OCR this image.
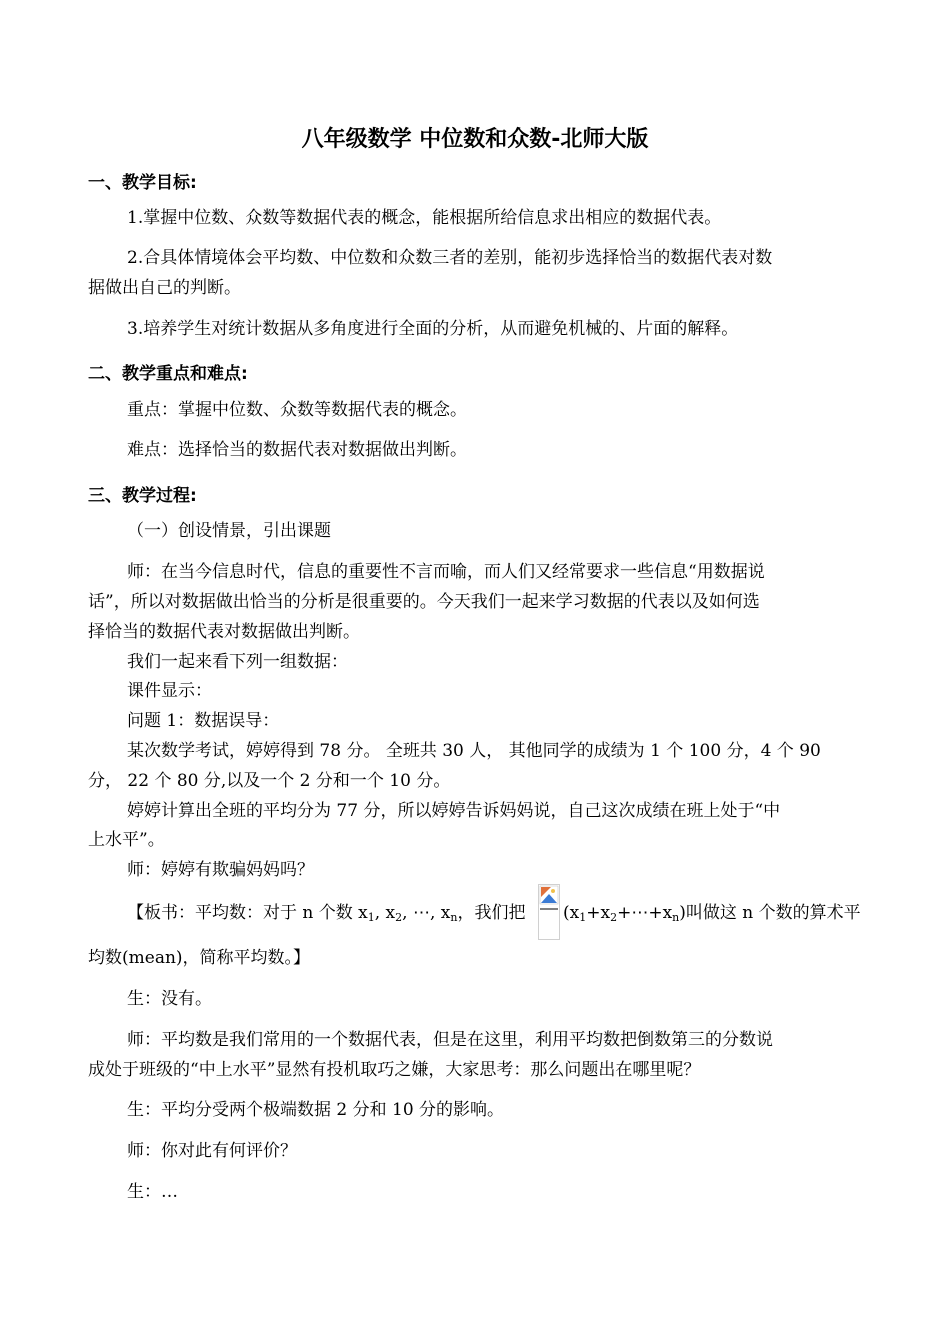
八年级数学 中位数和众数-北师大版
一、教学目标:
1.掌握中位数、众数等数据代表的概念，能根据所给信息求出相应的数据代表。
2.合具体情境体会平均数、中位数和众数三者的差别，能初步选择恰当的数据代表对数
据做出自己的判断。
3.培养学生对统计数据从多角度进行全面的分析，从而避免机械的、片面的解释。
二、教学重点和难点:
重点：掌握中位数、众数等数据代表的概念。
难点：选择恰当的数据代表对数据做出判断。
三、教学过程:
（一）创设情景，引出课题
师：在当今信息时代，信息的重要性不言而喻，而人们又经常要求一些信息“用数据说
话”，所以对数据做出恰当的分析是很重要的。今天我们一起来学习数据的代表以及如何选
择恰当的数据代表对数据做出判断。
我们一起来看下列一组数据：
课件显示：
问题 1：数据误导：
某次数学考试，婷婷得到 78 分。 全班共 30 人， 其他同学的成绩为 1 个 100 分，4 个 90
分， 22 个 80 分,以及一个 2 分和一个 10 分。
婷婷计算出全班的平均分为 77 分，所以婷婷告诉妈妈说，自己这次成绩在班上处于“中
上水平”。
师：婷婷有欺骗妈妈吗？
【板书：平均数：对于 n 个数 $x_1$, $x_2$, ⋯, $x_n$，我们把 $(x_1+x_2+\cdots+x_n)$叫做这 n 个数的算术平
均数(mean)，简称平均数。】
生：没有。
师：平均数是我们常用的一个数据代表，但是在这里，利用平均数把倒数第三的分数说
成处于班级的“中上水平”显然有投机取巧之嫌，大家思考：那么问题出在哪里呢？
生：平均分受两个极端数据 2 分和 10 分的影响。
师：你对此有何评价？
生：…
